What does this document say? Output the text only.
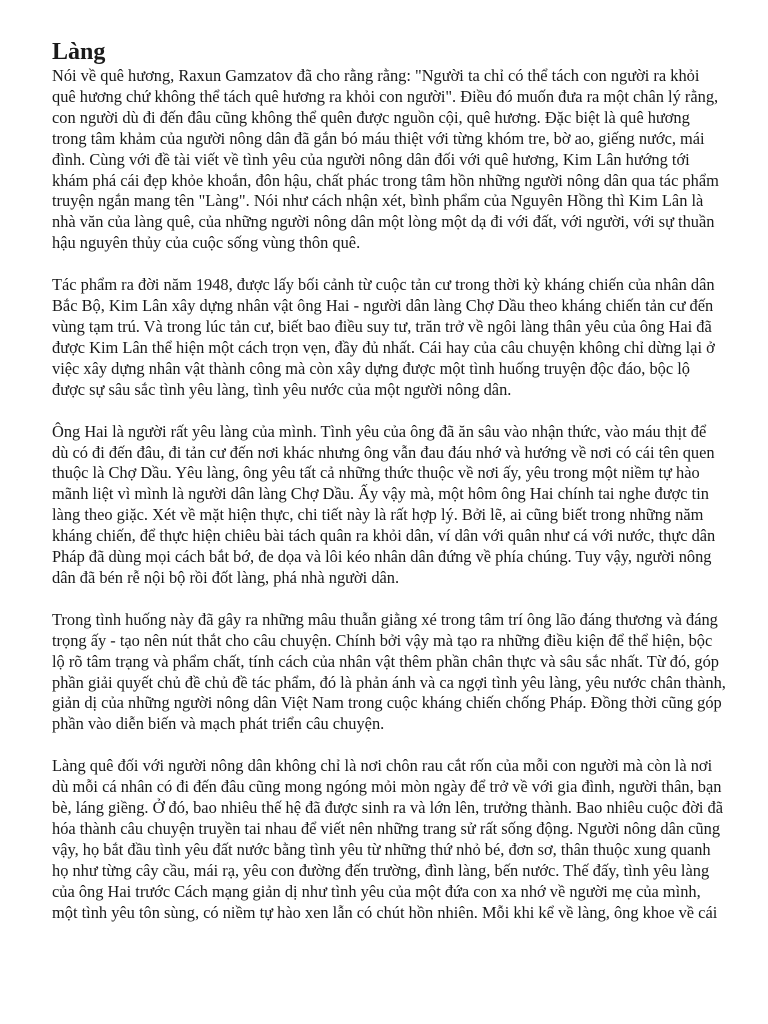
Làng

Nói về quê hương, Raxun Gamzatov đã cho rằng rằng: "Người ta chỉ có thể tách con người ra khỏi quê hương chứ không thể tách quê hương ra khỏi con người". Điều đó muốn đưa ra một chân lý rằng, con người dù đi đến đâu cũng không thể quên được nguồn cội, quê hương. Đặc biệt là quê hương trong tâm khảm của người nông dân đã gắn bó máu thiệt với từng khóm tre, bờ ao, giếng nước, mái đình. Cùng với đề tài viết về tình yêu của người nông dân đối với quê hương, Kim Lân hướng tới khám phá cái đẹp khỏe khoắn, đôn hậu, chất phác trong tâm hồn những người nông dân qua tác phẩm truyện ngắn mang tên "Làng". Nói như cách nhận xét, bình phẩm của Nguyên Hồng thì Kim Lân là nhà văn của làng quê, của những người nông dân một lòng một dạ đi với đất, với người, với sự thuần hậu nguyên thủy của cuộc sống vùng thôn quê.

Tác phẩm ra đời năm 1948, được lấy bối cảnh từ cuộc tản cư trong thời kỳ kháng chiến của nhân dân Bắc Bộ, Kim Lân xây dựng nhân vật ông Hai - người dân làng Chợ Dầu theo kháng chiến tản cư đến vùng tạm trú. Và trong lúc tản cư, biết bao điều suy tư, trăn trở về ngôi làng thân yêu của ông Hai đã được Kim Lân thể hiện một cách trọn vẹn, đầy đủ nhất. Cái hay của câu chuyện không chỉ dừng lại ở việc xây dựng nhân vật thành công mà còn xây dựng được một tình huống truyện độc đáo, bộc lộ được sự sâu sắc tình yêu làng, tình yêu nước của một người nông dân.

Ông Hai là người rất yêu làng của mình. Tình yêu của ông đã ăn sâu vào nhận thức, vào máu thịt để dù có đi đến đâu, đi tản cư đến nơi khác nhưng ông vẫn đau đáu nhớ và hướng về nơi có cái tên quen thuộc là Chợ Dầu. Yêu làng, ông yêu tất cả những thức thuộc về nơi ấy, yêu trong một niềm tự hào mãnh liệt vì mình là người dân làng Chợ Dầu. Ấy vậy mà, một hôm ông Hai chính tai nghe được tin làng theo giặc. Xét về mặt hiện thực, chi tiết này là rất hợp lý. Bởi lẽ, ai cũng biết trong những năm kháng chiến, để thực hiện chiêu bài tách quân ra khỏi dân, ví dân với quân như cá với nước, thực dân Pháp đã dùng mọi cách bắt bớ, đe dọa và lôi kéo nhân dân đứng về phía chúng. Tuy vậy, người nông dân đã bén rễ nội bộ rồi đốt làng, phá nhà người dân.

Trong tình huống này đã gây ra những mâu thuẫn giằng xé trong tâm trí ông lão đáng thương và đáng trọng ấy - tạo nên nút thắt cho câu chuyện. Chính bởi vậy mà tạo ra những điều kiện để thể hiện, bộc lộ rõ tâm trạng và phẩm chất, tính cách của nhân vật thêm phần chân thực và sâu sắc nhất. Từ đó, góp phần giải quyết chủ đề chủ đề tác phẩm, đó là phản ánh và ca ngợi tình yêu làng, yêu nước chân thành, giản dị của những người nông dân Việt Nam trong cuộc kháng chiến chống Pháp. Đồng thời cũng góp phần vào diễn biến và mạch phát triển câu chuyện.

Làng quê đối với người nông dân không chỉ là nơi chôn rau cắt rốn của mỗi con người mà còn là nơi dù mỗi cá nhân có đi đến đâu cũng mong ngóng mỏi mòn ngày để trở về với gia đình, người thân, bạn bè, láng giềng. Ở đó, bao nhiêu thế hệ đã được sinh ra và lớn lên, trưởng thành. Bao nhiêu cuộc đời đã hóa thành câu chuyện truyền tai nhau để viết nên những trang sử rất sống động. Người nông dân cũng vậy, họ bắt đầu tình yêu đất nước bằng tình yêu từ những thứ nhỏ bé, đơn sơ, thân thuộc xung quanh họ như từng cây cầu, mái rạ, yêu con đường đến trường, đình làng, bến nước. Thế đấy, tình yêu làng của ông Hai trước Cách mạng giản dị như tình yêu của một đứa con xa nhớ về người mẹ của mình, một tình yêu tôn sùng, có niềm tự hào xen lẫn có chút hồn nhiên. Mỗi khi kể về làng, ông khoe về cái
